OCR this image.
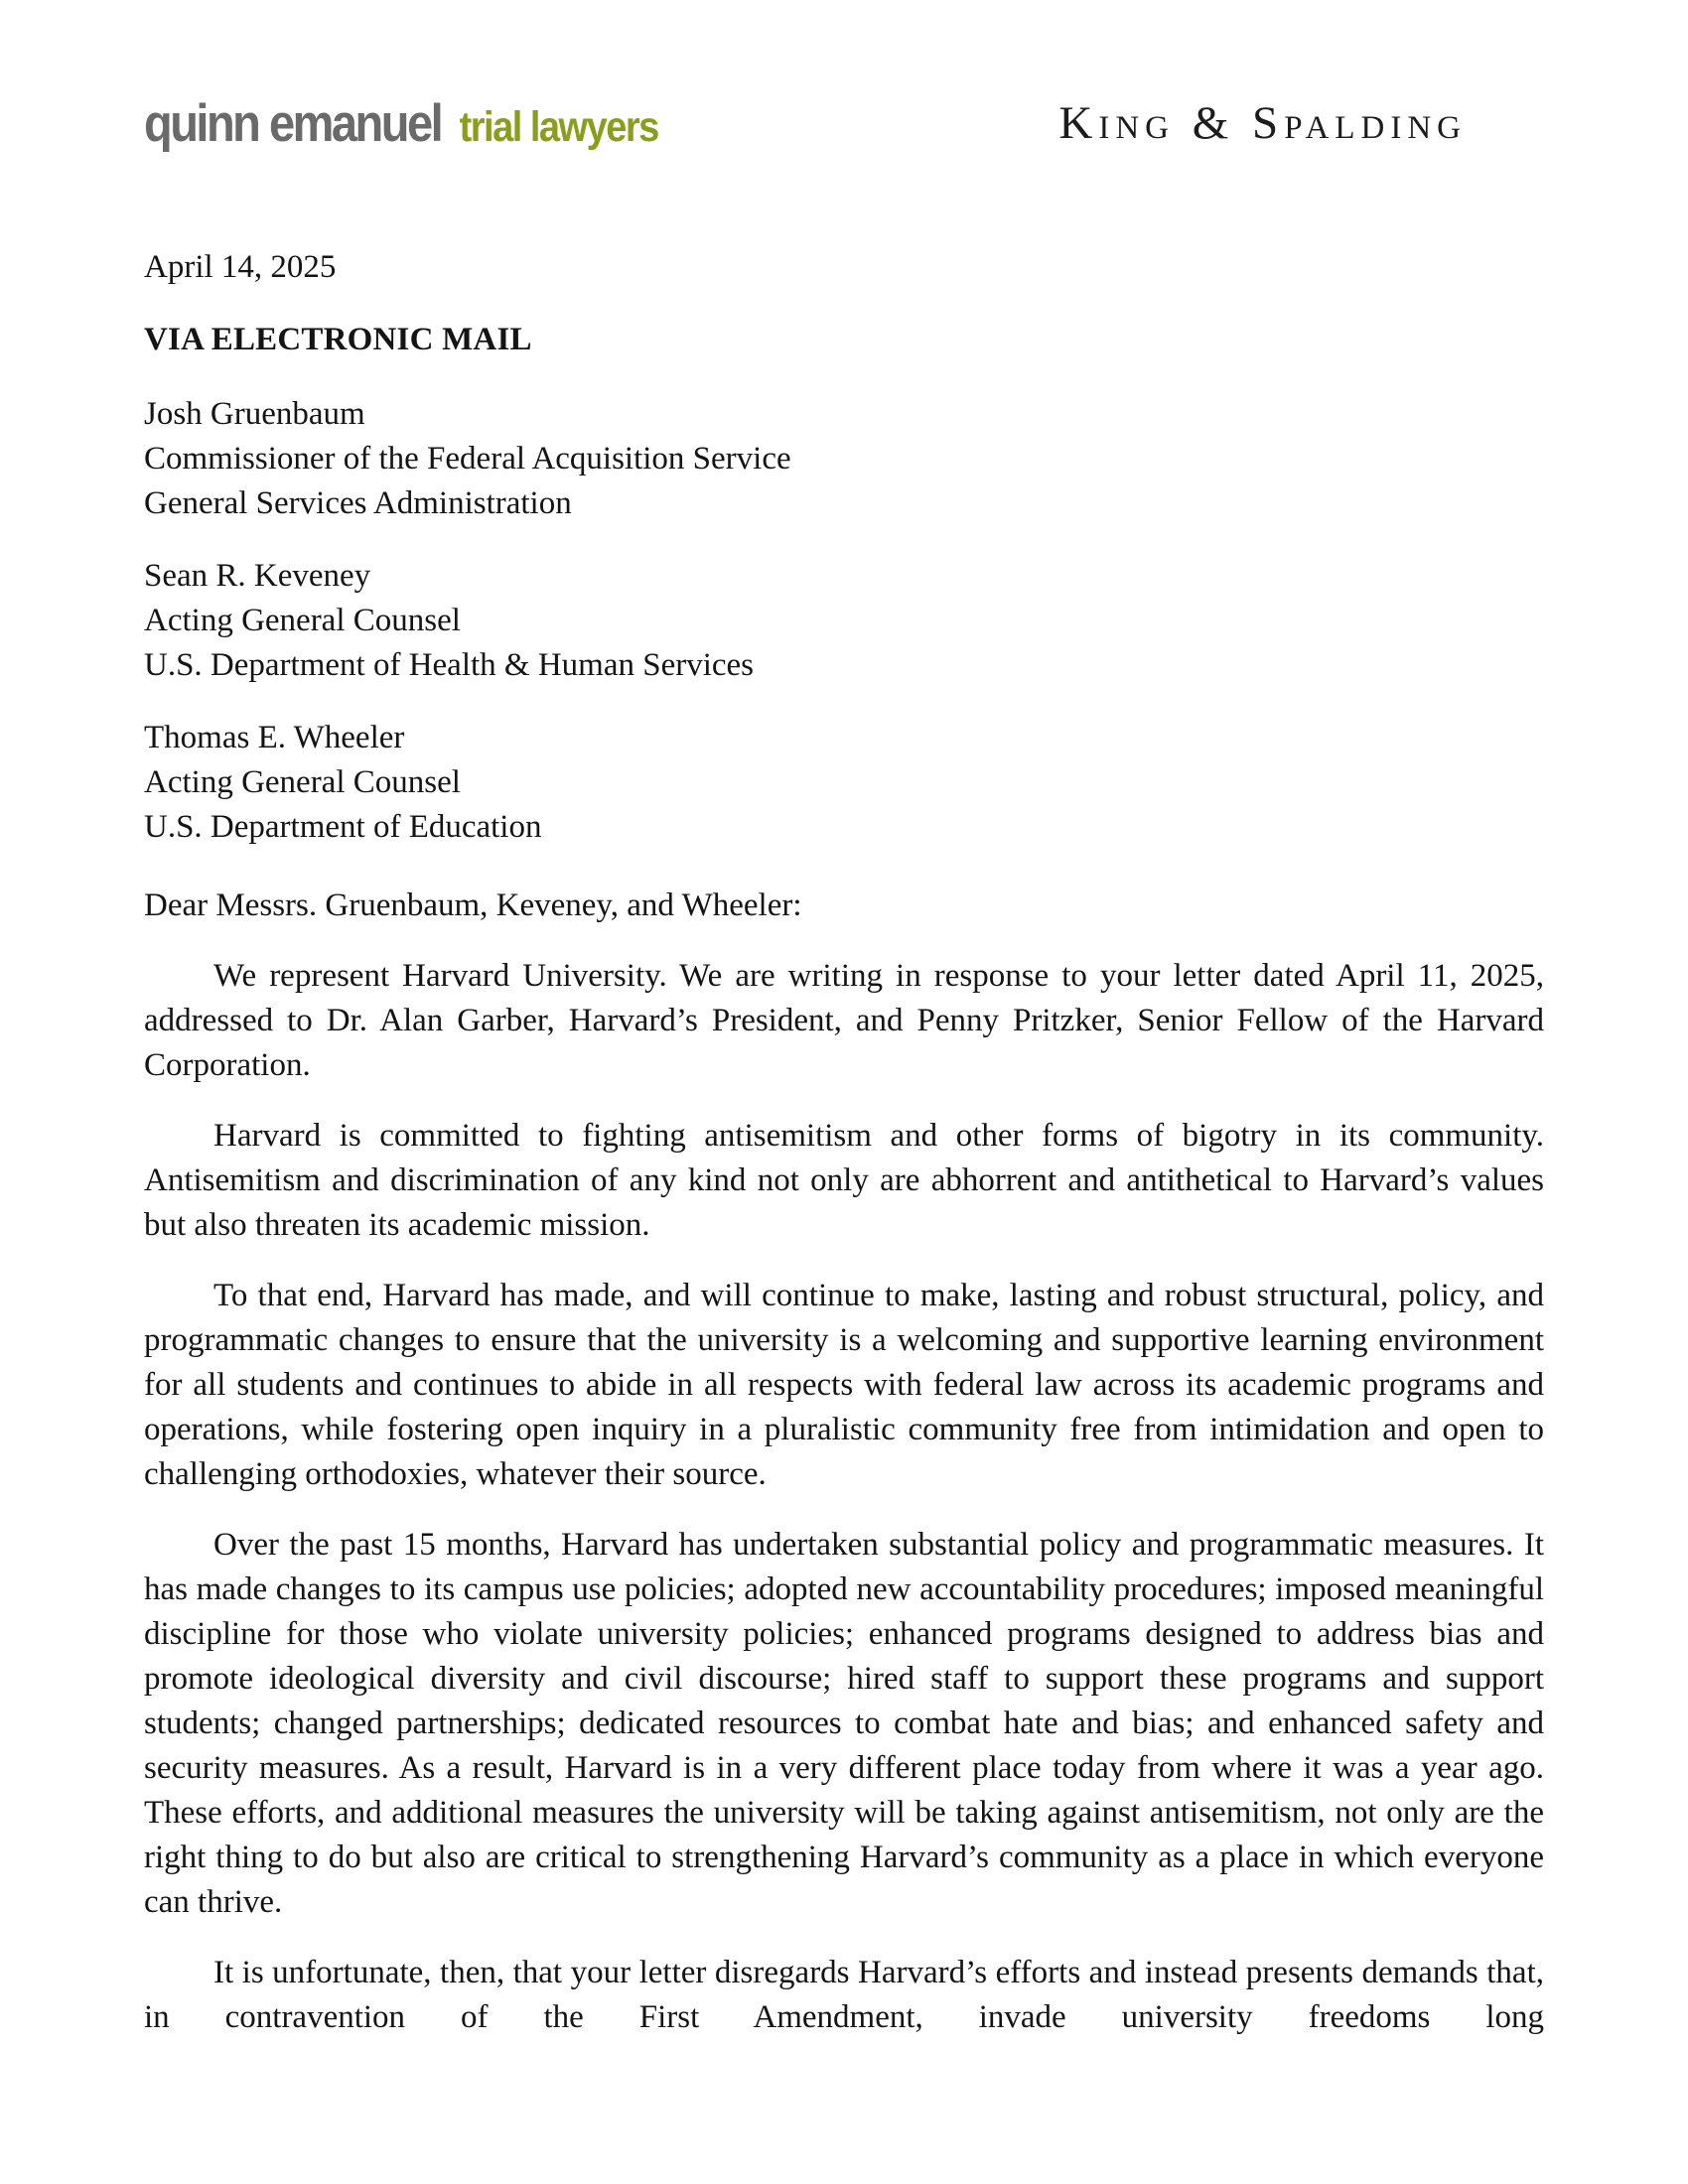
quinn emanuel trial lawyers	King & Spalding

April 14, 2025

VIA ELECTRONIC MAIL

Josh Gruenbaum
Commissioner of the Federal Acquisition Service
General Services Administration
Sean R. Keveney
Acting General Counsel
U.S. Department of Health & Human Services
Thomas E. Wheeler
Acting General Counsel
U.S. Department of Education

Dear Messrs. Gruenbaum, Keveney, and Wheeler:

We represent Harvard University. We are writing in response to your letter dated April 11, 2025, addressed to Dr. Alan Garber, Harvard’s President, and Penny Pritzker, Senior Fellow of the Harvard Corporation.

Harvard is committed to fighting antisemitism and other forms of bigotry in its community. Antisemitism and discrimination of any kind not only are abhorrent and antithetical to Harvard’s values but also threaten its academic mission.

To that end, Harvard has made, and will continue to make, lasting and robust structural, policy, and programmatic changes to ensure that the university is a welcoming and supportive learning environment for all students and continues to abide in all respects with federal law across its academic programs and operations, while fostering open inquiry in a pluralistic community free from intimidation and open to challenging orthodoxies, whatever their source.

Over the past 15 months, Harvard has undertaken substantial policy and programmatic measures. It has made changes to its campus use policies; adopted new accountability procedures; imposed meaningful discipline for those who violate university policies; enhanced programs designed to address bias and promote ideological diversity and civil discourse; hired staff to support these programs and support students; changed partnerships; dedicated resources to combat hate and bias; and enhanced safety and security measures. As a result, Harvard is in a very different place today from where it was a year ago. These efforts, and additional measures the university will be taking against antisemitism, not only are the right thing to do but also are critical to strengthening Harvard’s community as a place in which everyone can thrive.

It is unfortunate, then, that your letter disregards Harvard’s efforts and instead presents demands that, in contravention of the First Amendment, invade university freedoms long
